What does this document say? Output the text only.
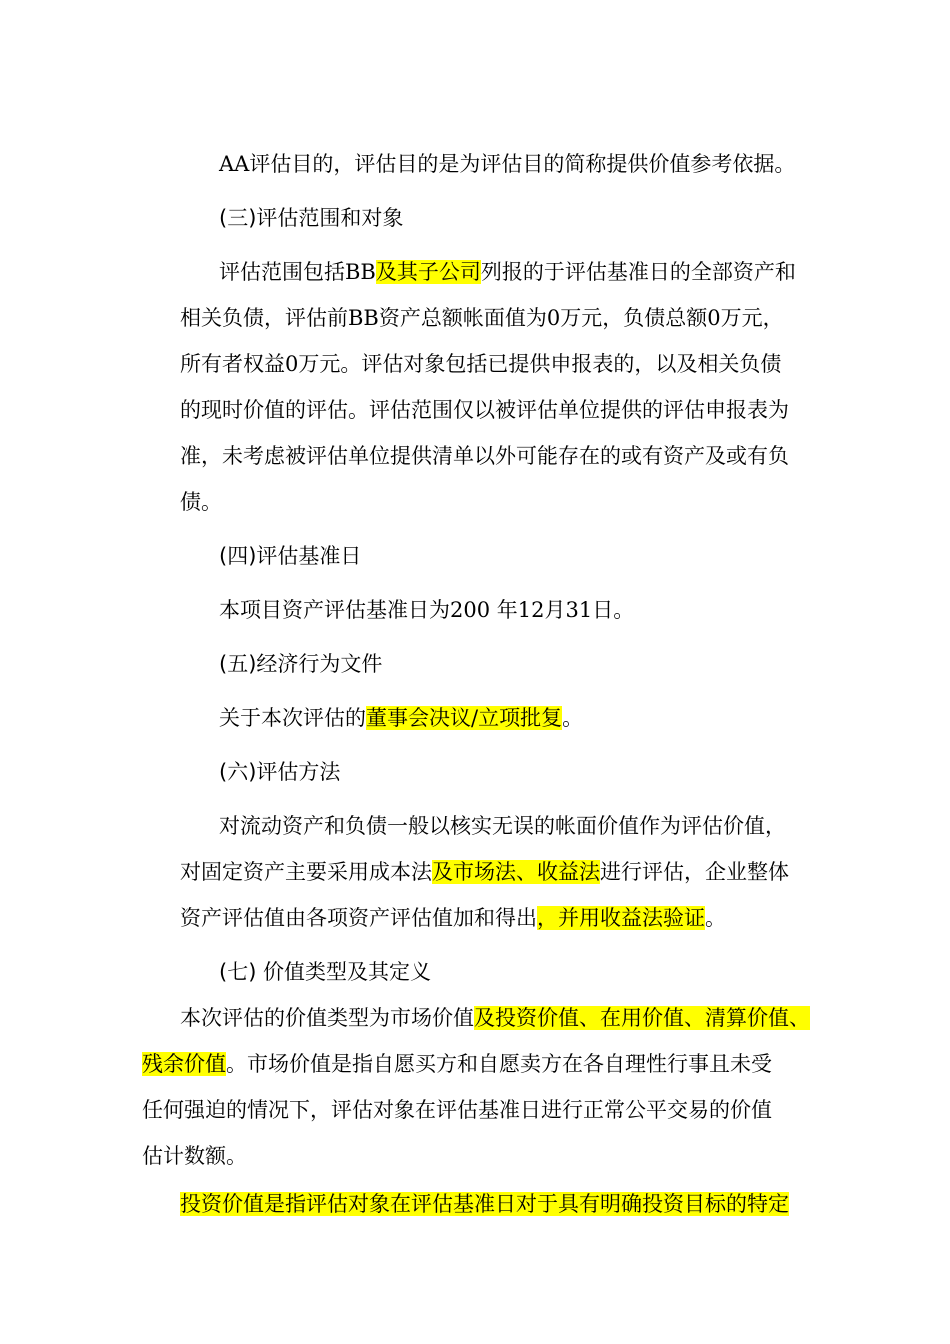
AA评估目的，评估目的是为评估目的简称提供价值参考依据。

(三)评估范围和对象

评估范围包括BB及其子公司列报的于评估基准日的全部资产和

相关负债，评估前BB资产总额帐面值为0万元，负债总额0万元，

所有者权益0万元。评估对象包括已提供申报表的，以及相关负债

的现时价值的评估。评估范围仅以被评估单位提供的评估申报表为

准，未考虑被评估单位提供清单以外可能存在的或有资产及或有负

债。

(四)评估基准日

本项目资产评估基准日为200 年12月31日。

(五)经济行为文件

关于本次评估的董事会决议/立项批复。

(六)评估方法

对流动资产和负债一般以核实无误的帐面价值作为评估价值，

对固定资产主要采用成本法及市场法、收益法进行评估，企业整体

资产评估值由各项资产评估值加和得出，并用收益法验证。

(七) 价值类型及其定义

本次评估的价值类型为市场价值及投资价值、在用价值、清算价值、

残余价值。市场价值是指自愿买方和自愿卖方在各自理性行事且未受

任何强迫的情况下，评估对象在评估基准日进行正常公平交易的价值

估计数额。

投资价值是指评估对象在评估基准日对于具有明确投资目标的特定
